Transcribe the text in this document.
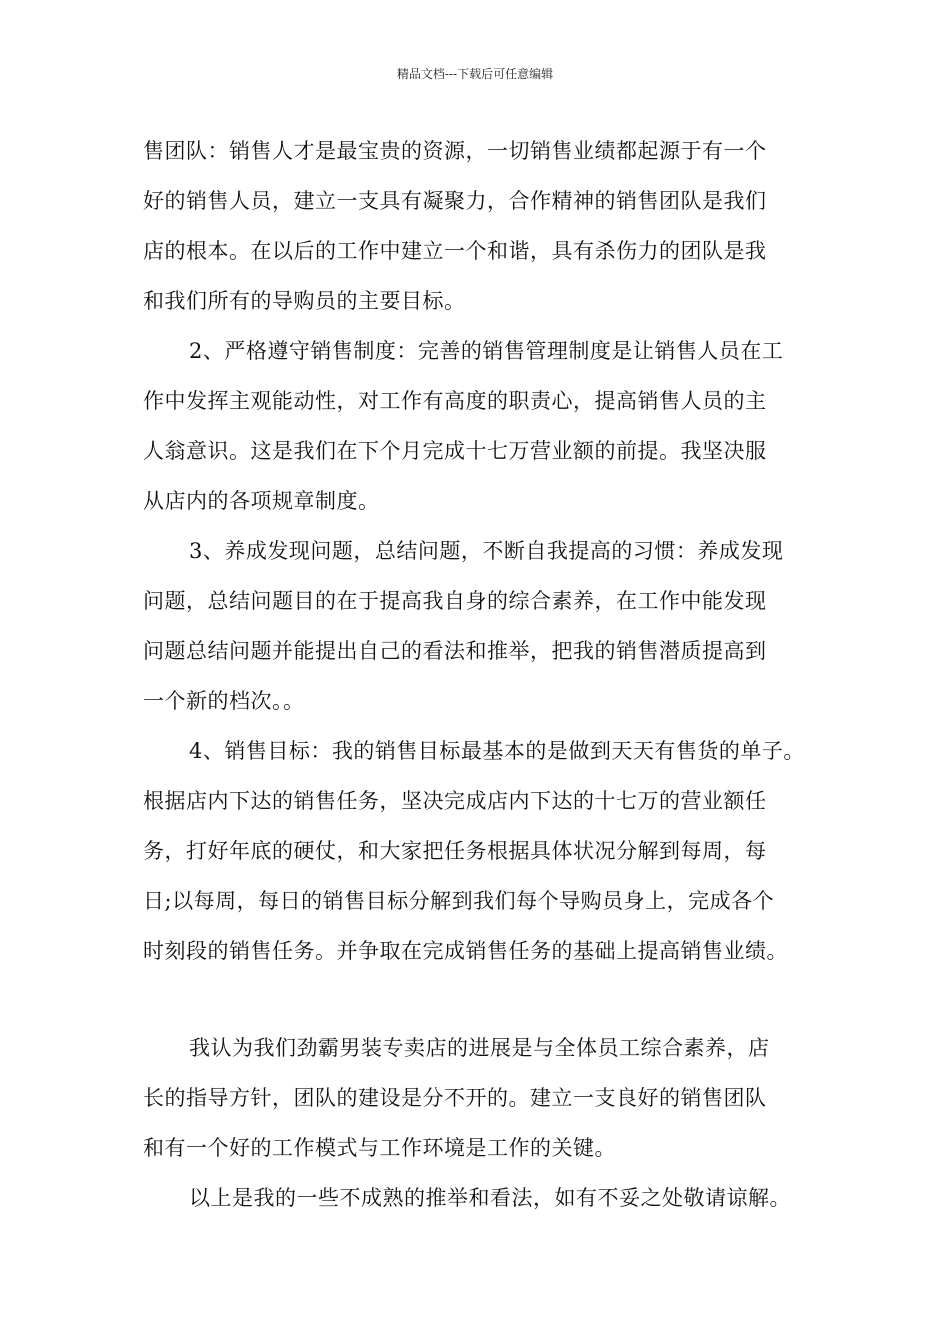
精品文档---下载后可任意编辑
售团队：销售人才是最宝贵的资源，一切销售业绩都起源于有一个
好的销售人员，建立一支具有凝聚力，合作精神的销售团队是我们
店的根本。在以后的工作中建立一个和谐，具有杀伤力的团队是我
和我们所有的导购员的主要目标。
2、严格遵守销售制度：完善的销售管理制度是让销售人员在工
作中发挥主观能动性，对工作有高度的职责心，提高销售人员的主
人翁意识。这是我们在下个月完成十七万营业额的前提。我坚决服
从店内的各项规章制度。
3、养成发现问题，总结问题，不断自我提高的习惯：养成发现
问题，总结问题目的在于提高我自身的综合素养，在工作中能发现
问题总结问题并能提出自己的看法和推举，把我的销售潜质提高到
一个新的档次。。
4、销售目标：我的销售目标最基本的是做到天天有售货的单子。
根据店内下达的销售任务，坚决完成店内下达的十七万的营业额任
务，打好年底的硬仗，和大家把任务根据具体状况分解到每周，每
日;以每周，每日的销售目标分解到我们每个导购员身上，完成各个
时刻段的销售任务。并争取在完成销售任务的基础上提高销售业绩。
我认为我们劲霸男装专卖店的进展是与全体员工综合素养，店
长的指导方针，团队的建设是分不开的。建立一支良好的销售团队
和有一个好的工作模式与工作环境是工作的关键。
以上是我的一些不成熟的推举和看法，如有不妥之处敬请谅解。
